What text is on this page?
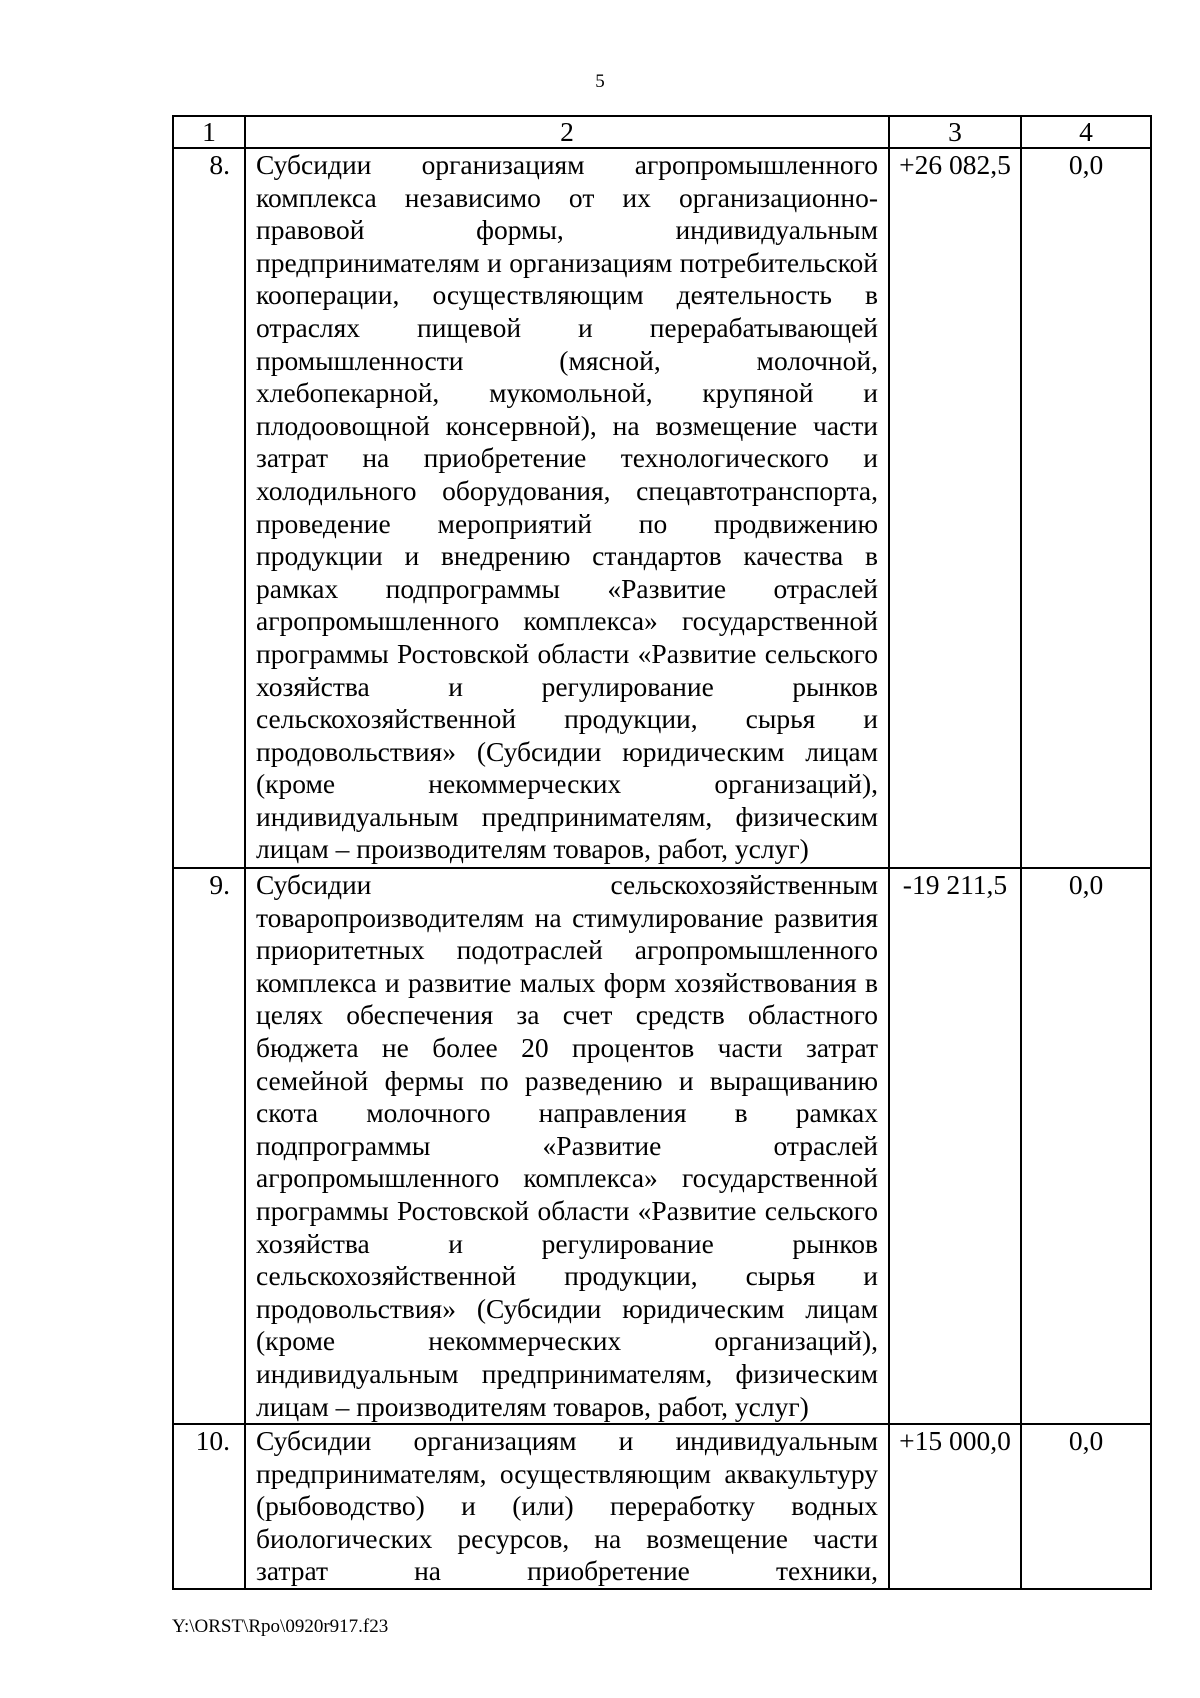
5
1	2	3	4
8.	Субсидии организациям агропромышленного комплекса независимо от их организационно-правовой формы, индивидуальным предпринимателям и организациям потребительской кооперации, осуществляющим деятельность в отраслях пищевой и перерабатывающей промышленности (мясной, молочной, хлебопекарной, мукомольной, крупяной и плодоовощной консервной), на возмещение части затрат на приобретение технологического и холодильного оборудования, спецавтотранспорта, проведение мероприятий по продвижению продукции и внедрению стандартов качества в рамках подпрограммы «Развитие отраслей агропромышленного комплекса» государственной программы Ростовской области «Развитие сельского хозяйства и регулирование рынков сельскохозяйственной продукции, сырья и продовольствия» (Субсидии юридическим лицам (кроме некоммерческих организаций), индивидуальным предпринимателям, физическим лицам – производителям товаров, работ, услуг)	+26 082,5	0,0
9.	Субсидии сельскохозяйственным товаропроизводителям на стимулирование развития приоритетных подотраслей агропромышленного комплекса и развитие малых форм хозяйствования в целях обеспечения за счет средств областного бюджета не более 20 процентов части затрат семейной фермы по разведению и выращиванию скота молочного направления в рамках подпрограммы «Развитие отраслей агропромышленного комплекса» государственной программы Ростовской области «Развитие сельского хозяйства и регулирование рынков сельскохозяйственной продукции, сырья и продовольствия» (Субсидии юридическим лицам (кроме некоммерческих организаций), индивидуальным предпринимателям, физическим лицам – производителям товаров, работ, услуг)	-19 211,5	0,0
10.	Субсидии организациям и индивидуальным предпринимателям, осуществляющим аквакультуру (рыбоводство) и (или) переработку водных биологических ресурсов, на возмещение части затрат на приобретение техники,	+15 000,0	0,0
Y:\ORST\Rpo\0920r917.f23
